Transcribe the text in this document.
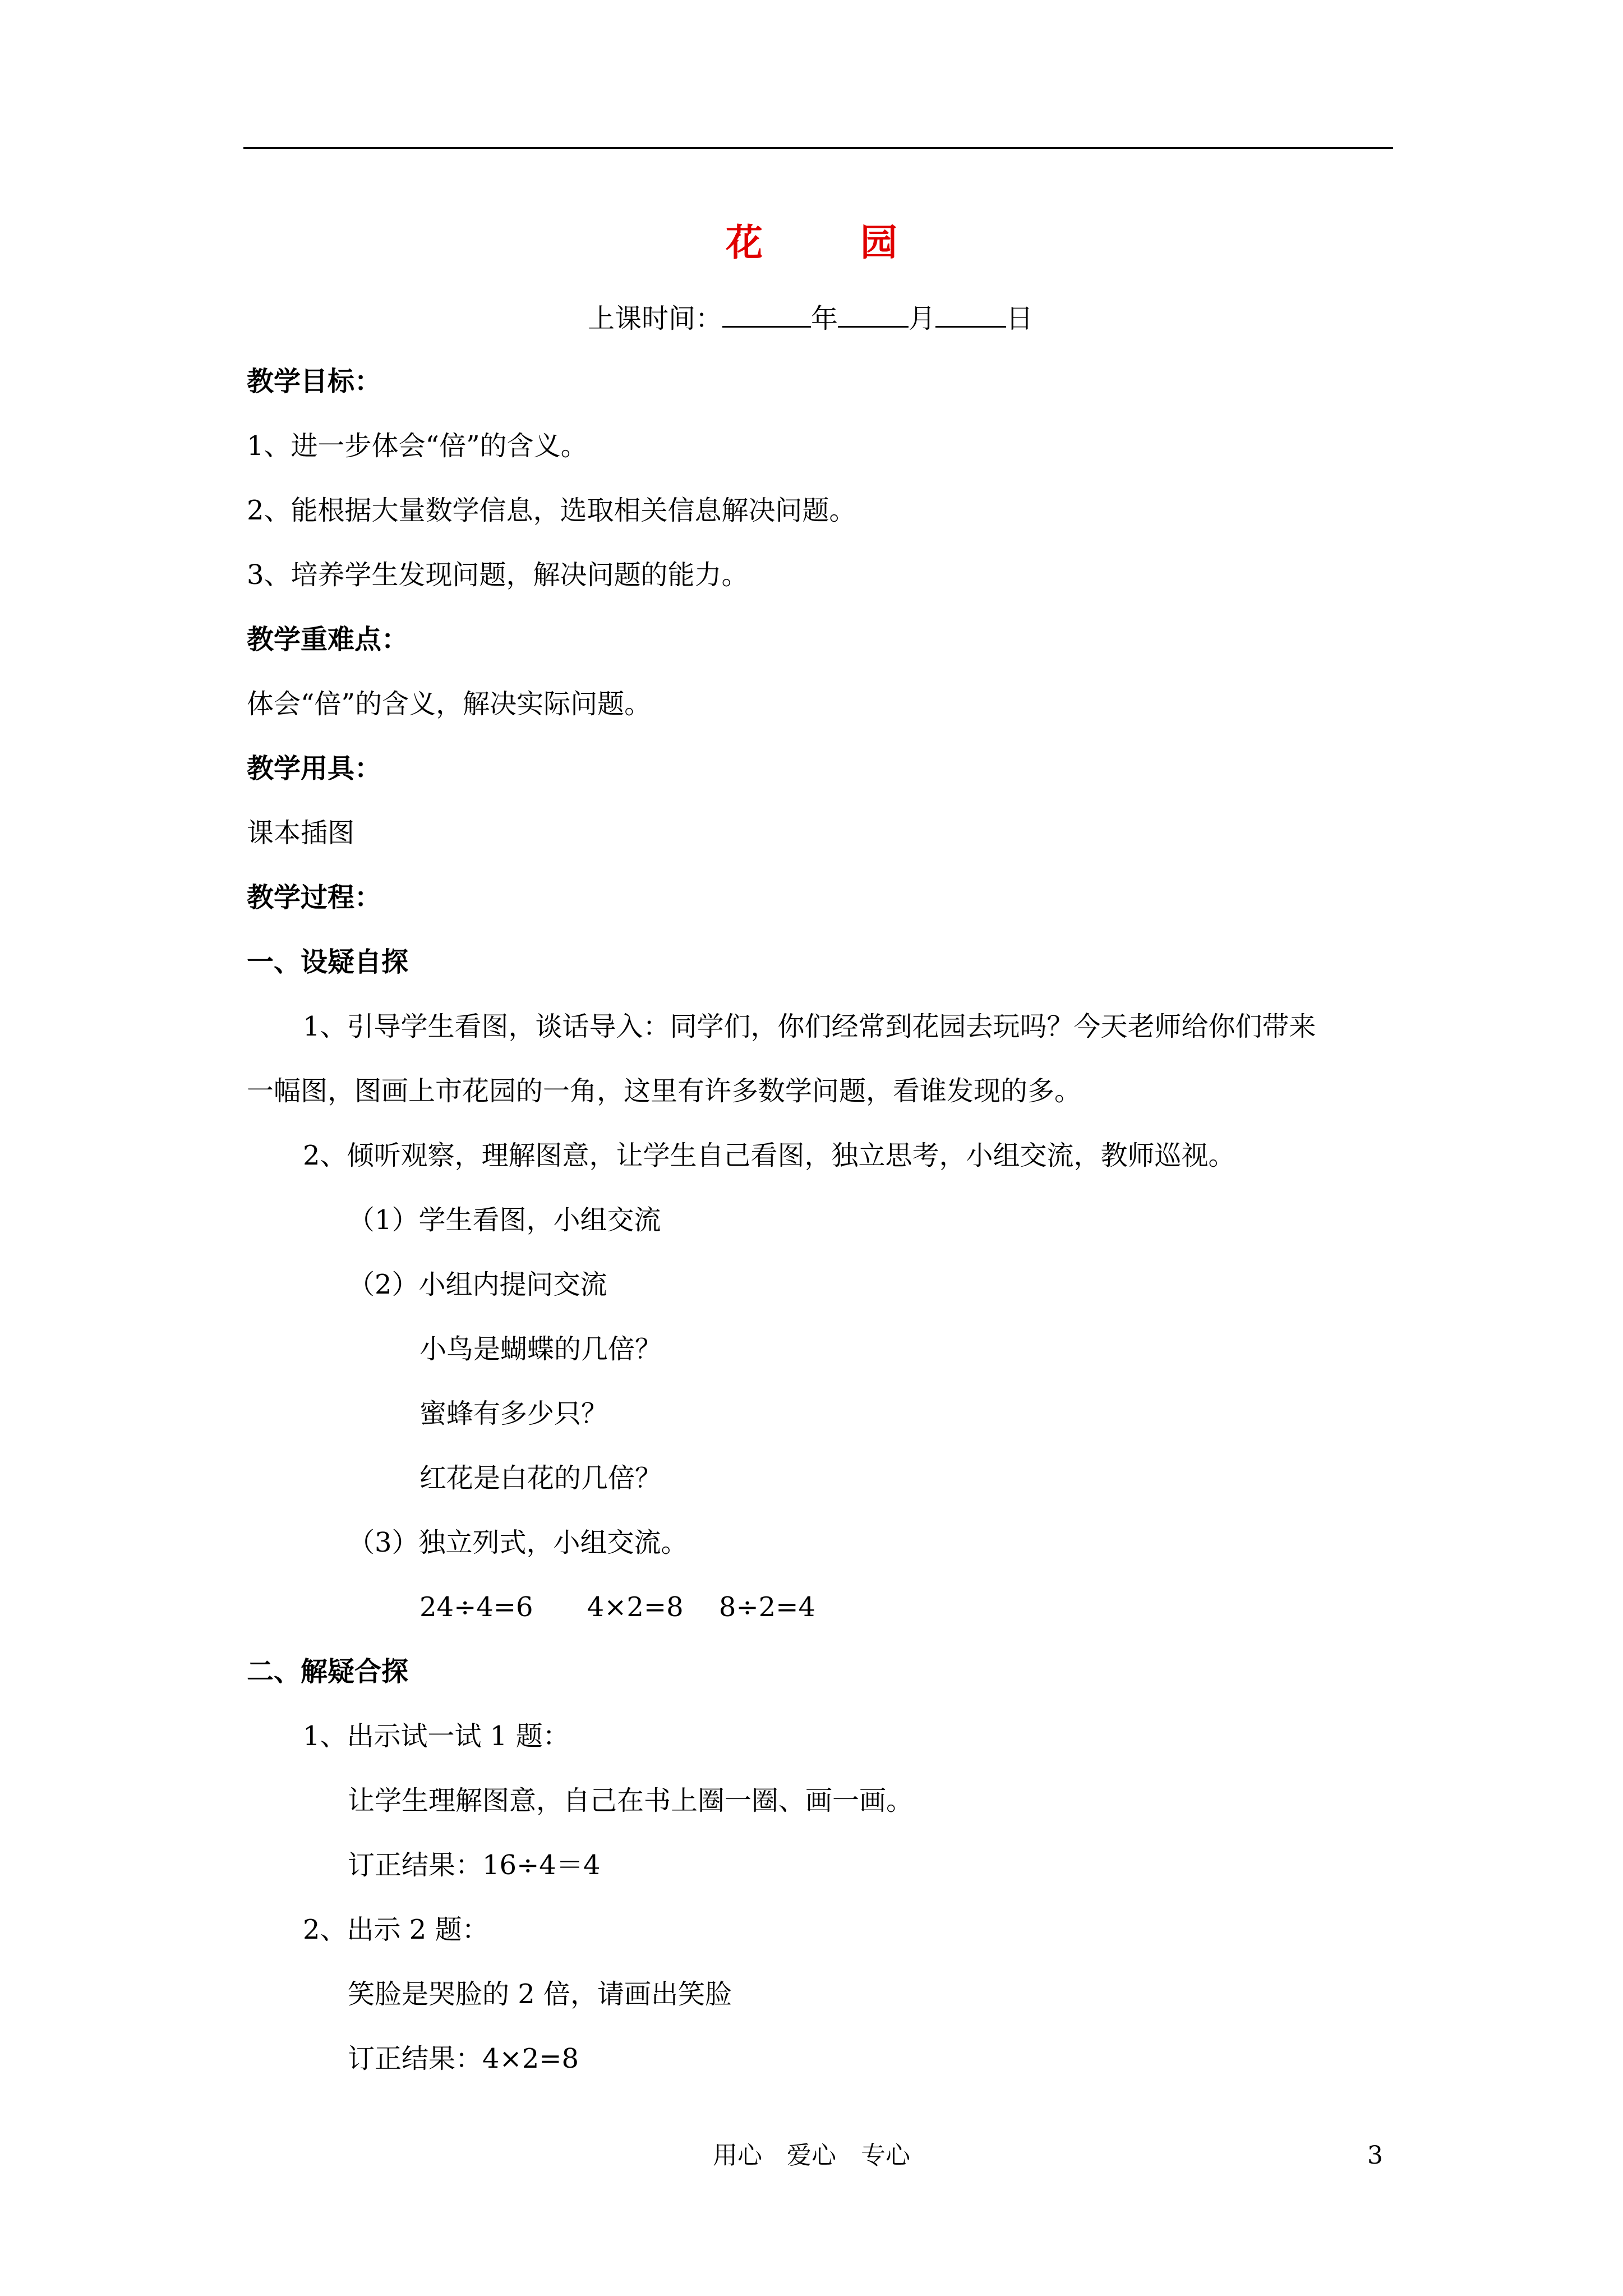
花　园
上课时间：	年	月	日
教学目标：
1、进一步体会“倍”的含义。
2、能根据大量数学信息，选取相关信息解决问题。
3、培养学生发现问题，解决问题的能力。
教学重难点：
体会“倍”的含义，解决实际问题。
教学用具：
课本插图
教学过程：
一、设疑自探
1、引导学生看图，谈话导入：同学们，你们经常到花园去玩吗？今天老师给你们带来
一幅图，图画上市花园的一角，这里有许多数学问题，看谁发现的多。
2、倾听观察，理解图意，让学生自己看图，独立思考，小组交流，教师巡视。
（1）学生看图，小组交流
（2）小组内提问交流
小鸟是蝴蝶的几倍？
蜜蜂有多少只？
红花是白花的几倍？
（3）独立列式，小组交流。
24÷4=6　　4×2=8　 8÷2=4
二、解疑合探
1、出示试一试 1 题：
让学生理解图意，自己在书上圈一圈、画一画。
订正结果：16÷4＝4
2、出示 2 题：
笑脸是哭脸的 2 倍，请画出笑脸
订正结果：4×2=8
用心　爱心　专心	3
